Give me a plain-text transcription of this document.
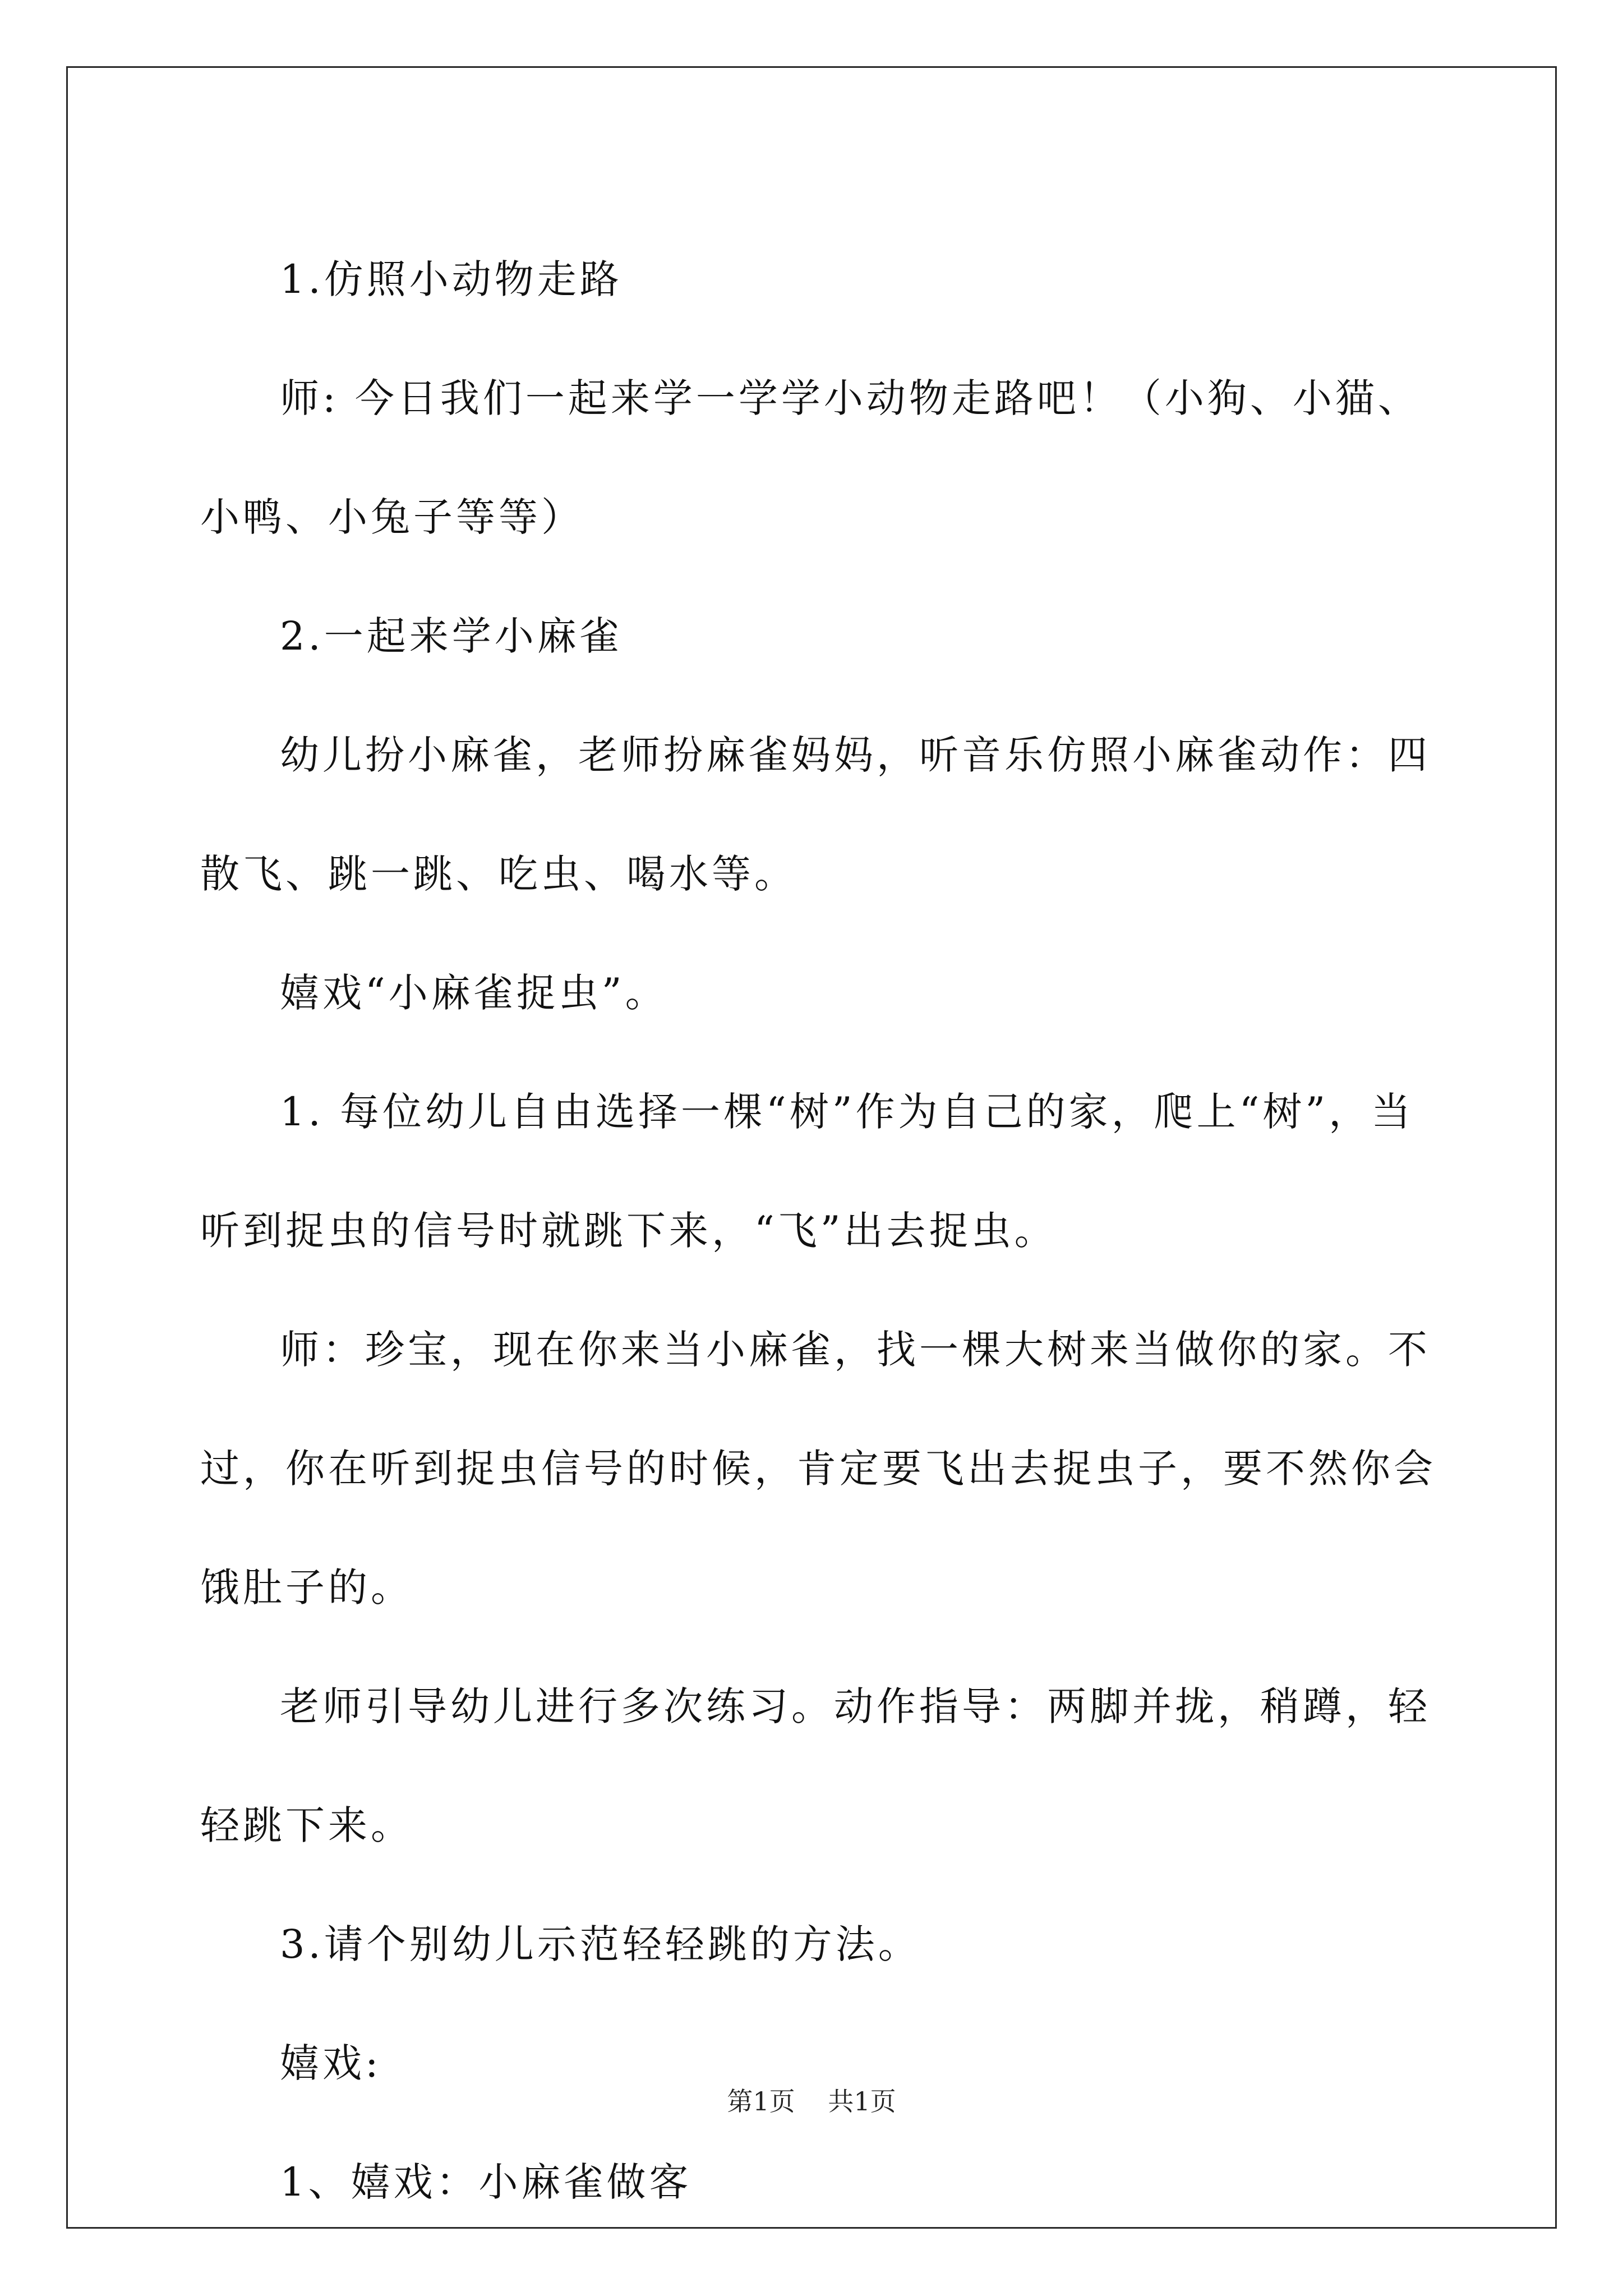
1.仿照小动物走路

师: 今日我们一起来学一学学小动物走路吧！（小狗、小猫、小鸭、小兔子等等）

2.一起来学小麻雀

幼儿扮小麻雀，老师扮麻雀妈妈，听音乐仿照小麻雀动作：四散飞、跳一跳、吃虫、喝水等。

嬉戏“小麻雀捉虫”。

1. 每位幼儿自由选择一棵“树”作为自己的家，爬上“树”，当听到捉虫的信号时就跳下来，“飞”出去捉虫。

师：珍宝，现在你来当小麻雀，找一棵大树来当做你的家。不过，你在听到捉虫信号的时候，肯定要飞出去捉虫子，要不然你会饿肚子的。

老师引导幼儿进行多次练习。动作指导：两脚并拢，稍蹲，轻轻跳下来。

3.请个别幼儿示范轻轻跳的方法。

嬉戏:

1、嬉戏：小麻雀做客

第1页 共1页
